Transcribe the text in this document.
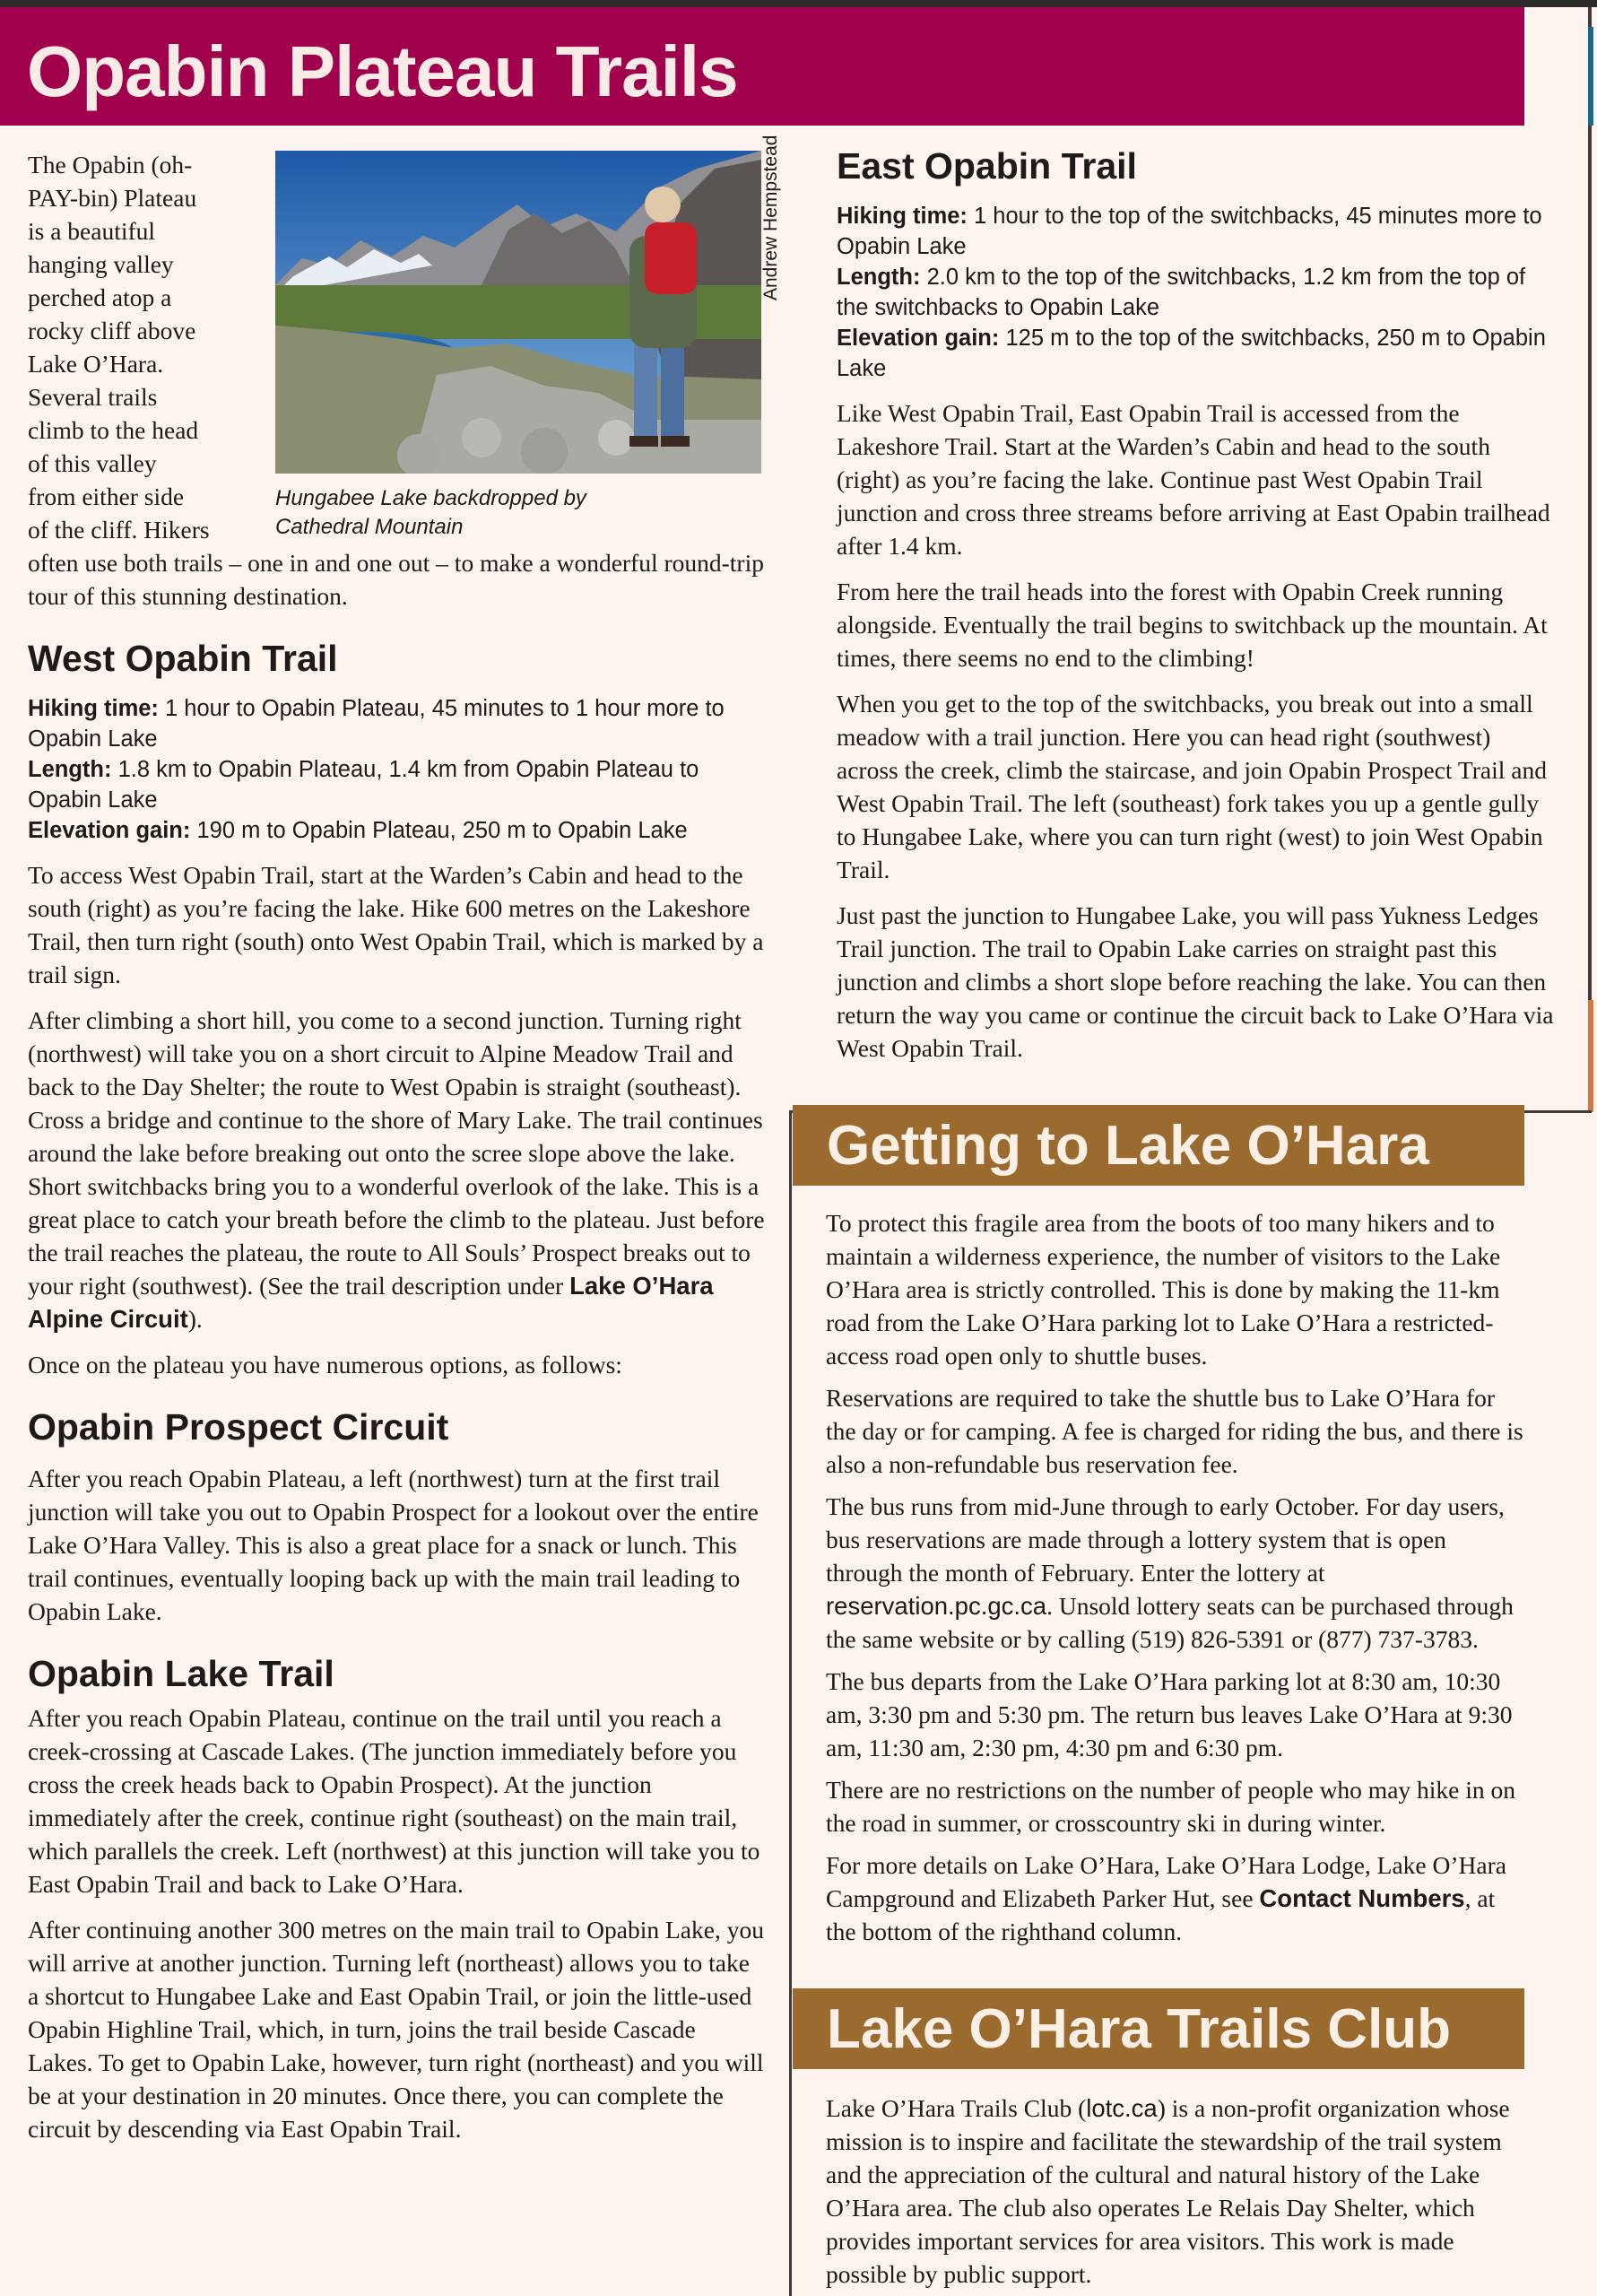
Opabin Plateau Trails
Andrew Hempstead
Hungabee Lake backdropped by Cathedral Mountain
The Opabin (oh-
PAY-bin) Plateau
is a beautiful
hanging valley
perched atop a
rocky cliff above
Lake O’Hara.
Several trails
climb to the head
of this valley
from either side
of the cliff. Hikers
often use both trails – one in and one out – to make a wonderful round-trip tour of this stunning destination.
West Opabin Trail
Hiking time: 1 hour to Opabin Plateau, 45 minutes to 1 hour more to Opabin Lake
Length: 1.8 km to Opabin Plateau, 1.4 km from Opabin Plateau to Opabin Lake
Elevation gain: 190 m to Opabin Plateau, 250 m to Opabin Lake
To access West Opabin Trail, start at the Warden’s Cabin and head to the south (right) as you’re facing the lake. Hike 600 metres on the Lakeshore Trail, then turn right (south) onto West Opabin Trail, which is marked by a trail sign.
After climbing a short hill, you come to a second junction. Turning right (northwest) will take you on a short circuit to Alpine Meadow Trail and back to the Day Shelter; the route to West Opabin is straight (southeast). Cross a bridge and continue to the shore of Mary Lake. The trail continues around the lake before breaking out onto the scree slope above the lake. Short switchbacks bring you to a wonderful overlook of the lake. This is a great place to catch your breath before the climb to the plateau. Just before the trail reaches the plateau, the route to All Souls’ Prospect breaks out to your right (southwest). (See the trail description under Lake O’Hara Alpine Circuit).
Once on the plateau you have numerous options, as follows:
Opabin Prospect Circuit
After you reach Opabin Plateau, a left (northwest) turn at the first trail junction will take you out to Opabin Prospect for a lookout over the entire Lake O’Hara Valley. This is also a great place for a snack or lunch. This trail continues, eventually looping back up with the main trail leading to Opabin Lake.
Opabin Lake Trail
After you reach Opabin Plateau, continue on the trail until you reach a creek-crossing at Cascade Lakes. (The junction immediately before you cross the creek heads back to Opabin Prospect). At the junction immediately after the creek, continue right (southeast) on the main trail, which parallels the creek. Left (northwest) at this junction will take you to East Opabin Trail and back to Lake O’Hara.
After continuing another 300 metres on the main trail to Opabin Lake, you will arrive at another junction. Turning left (northeast) allows you to take a shortcut to Hungabee Lake and East Opabin Trail, or join the little-used Opabin Highline Trail, which, in turn, joins the trail beside Cascade Lakes. To get to Opabin Lake, however, turn right (northeast) and you will be at your destination in 20 minutes. Once there, you can complete the circuit by descending via East Opabin Trail.
East Opabin Trail
Hiking time: 1 hour to the top of the switchbacks, 45 minutes more to Opabin Lake
Length: 2.0 km to the top of the switchbacks, 1.2 km from the top of the switchbacks to Opabin Lake
Elevation gain: 125 m to the top of the switchbacks, 250 m to Opabin Lake
Like West Opabin Trail, East Opabin Trail is accessed from the Lakeshore Trail. Start at the Warden’s Cabin and head to the south (right) as you’re facing the lake. Continue past West Opabin Trail junction and cross three streams before arriving at East Opabin trailhead after 1.4 km.
From here the trail heads into the forest with Opabin Creek running alongside. Eventually the trail begins to switchback up the mountain. At times, there seems no end to the climbing!
When you get to the top of the switchbacks, you break out into a small meadow with a trail junction. Here you can head right (southwest) across the creek, climb the staircase, and join Opabin Prospect Trail and West Opabin Trail. The left (southeast) fork takes you up a gentle gully to Hungabee Lake, where you can turn right (west) to join West Opabin Trail.
Just past the junction to Hungabee Lake, you will pass Yukness Ledges Trail junction. The trail to Opabin Lake carries on straight past this junction and climbs a short slope before reaching the lake. You can then return the way you came or continue the circuit back to Lake O’Hara via West Opabin Trail.
Getting to Lake O’Hara
To protect this fragile area from the boots of too many hikers and to maintain a wilderness experience, the number of visitors to the Lake O’Hara area is strictly controlled. This is done by making the 11-km road from the Lake O’Hara parking lot to Lake O’Hara a restricted-access road open only to shuttle buses.
Reservations are required to take the shuttle bus to Lake O’Hara for the day or for camping. A fee is charged for riding the bus, and there is also a non-refundable bus reservation fee.
The bus runs from mid-June through to early October. For day users, bus reservations are made through a lottery system that is open through the month of February. Enter the lottery at reservation.pc.gc.ca. Unsold lottery seats can be purchased through the same website or by calling (519) 826-5391 or (877) 737-3783.
The bus departs from the Lake O’Hara parking lot at 8:30 am, 10:30 am, 3:30 pm and 5:30 pm. The return bus leaves Lake O’Hara at 9:30 am, 11:30 am, 2:30 pm, 4:30 pm and 6:30 pm.
There are no restrictions on the number of people who may hike in on the road in summer, or crosscountry ski in during winter.
For more details on Lake O’Hara, Lake O’Hara Lodge, Lake O’Hara Campground and Elizabeth Parker Hut, see Contact Numbers, at the bottom of the righthand column.
Lake O’Hara Trails Club
Lake O’Hara Trails Club (lotc.ca) is a non-profit organization whose mission is to inspire and facilitate the stewardship of the trail system and the appreciation of the cultural and natural history of the Lake O’Hara area. The club also operates Le Relais Day Shelter, which provides important services for area visitors. This work is made possible by public support.
